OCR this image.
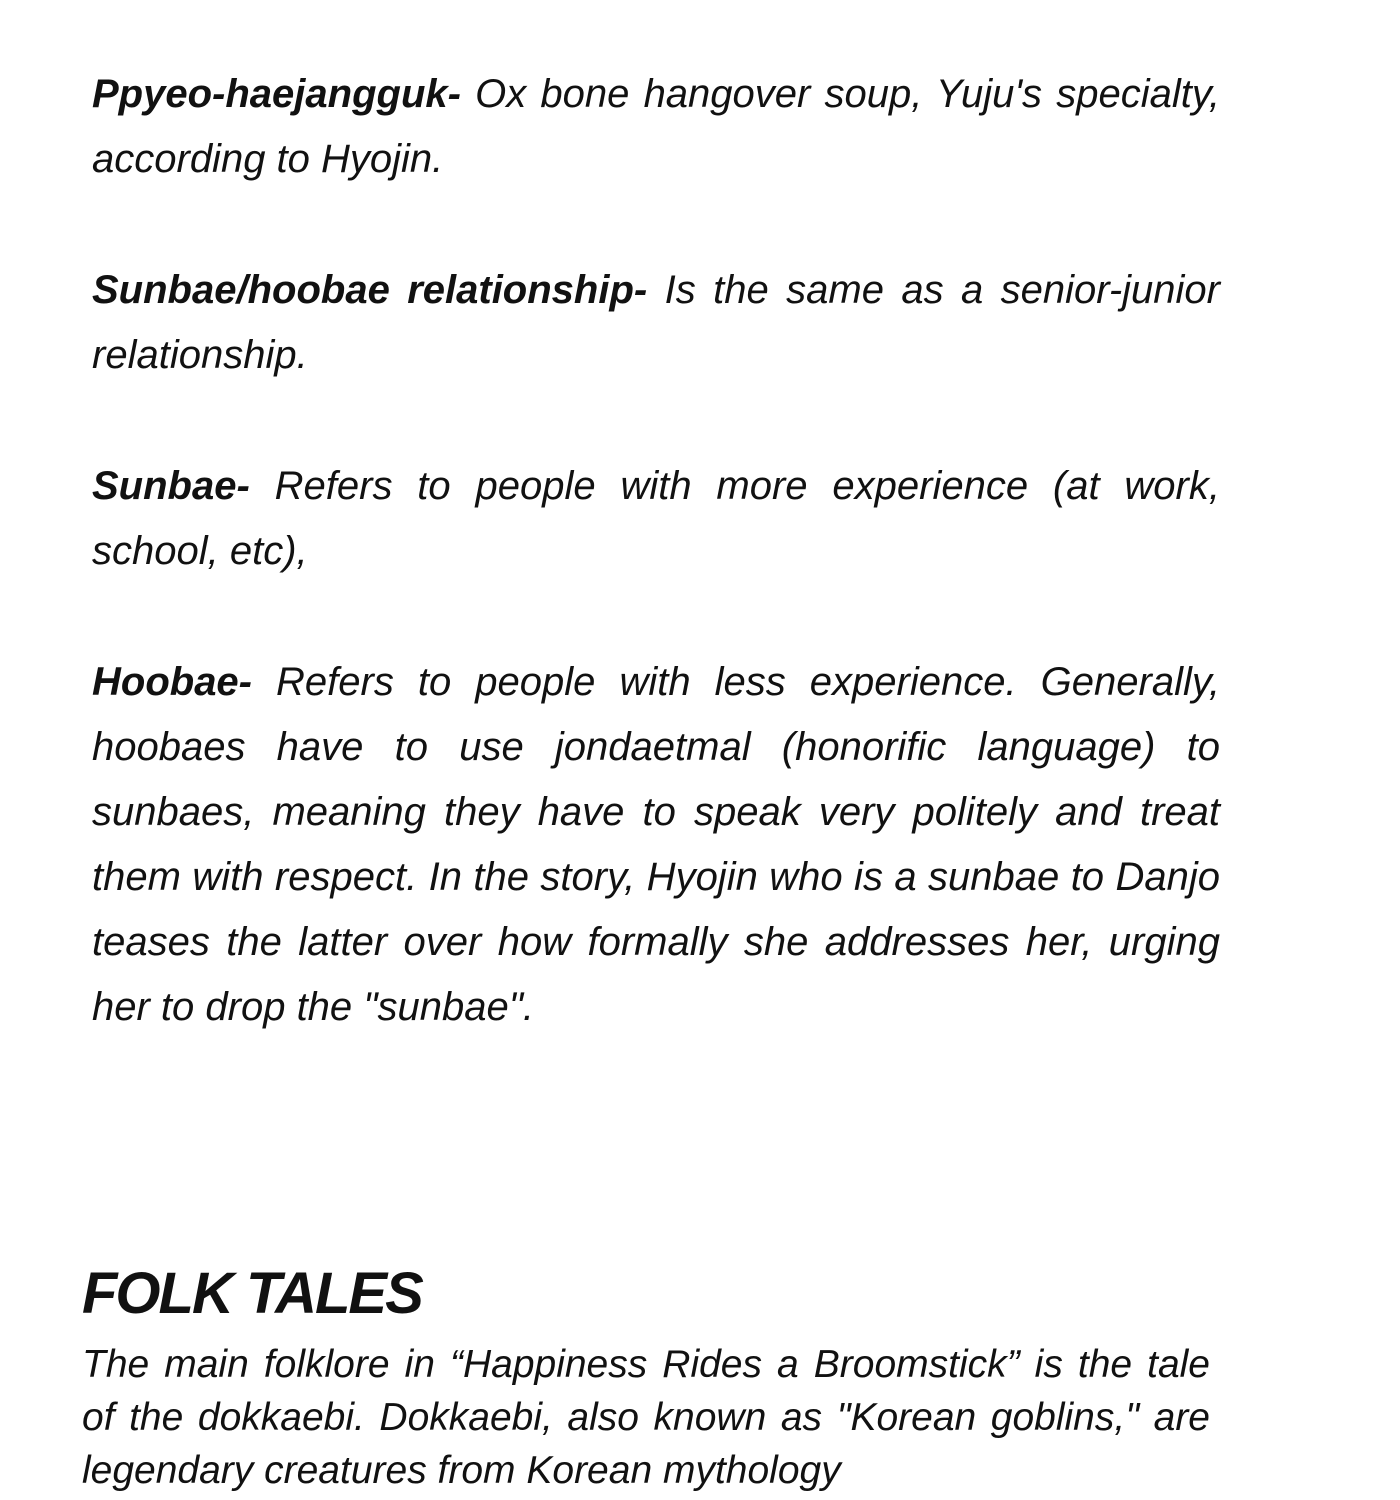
Ppyeo-haejangguk- Ox bone hangover soup, Yuju's specialty, according to Hyojin.

Sunbae/hoobae relationship- Is the same as a senior-junior relationship.

Sunbae- Refers to people with more experience (at work, school, etc),

Hoobae- Refers to people with less experience. Generally, hoobaes have to use jondaetmal (honorific language) to sunbaes, meaning they have to speak very politely and treat them with respect. In the story, Hyojin who is a sunbae to Danjo teases the latter over how formally she addresses her, urging her to drop the "sunbae".

FOLK TALES

The main folklore in “Happiness Rides a Broomstick” is the tale of the dokkaebi. Dokkaebi, also known as "Korean goblins," are legendary creatures from Korean mythology
